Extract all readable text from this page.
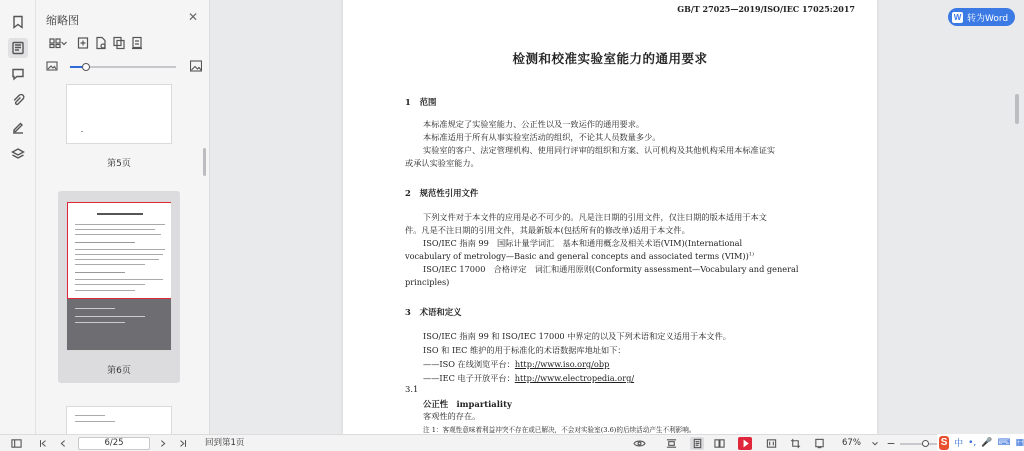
缩略图	✕
第5页
第6页
GB/T 27025—2019/ISO/IEC 17025:2017
检测和校准实验室能力的通用要求
1 范围
本标准规定了实验室能力、公正性以及一致运作的通用要求。
本标准适用于所有从事实验室活动的组织，不论其人员数量多少。
实验室的客户、法定管理机构、使用同行评审的组织和方案、认可机构及其他机构采用本标准证实
或承认实验室能力。
2 规范性引用文件
下列文件对于本文件的应用是必不可少的。凡是注日期的引用文件，仅注日期的版本适用于本文
件。凡是不注日期的引用文件，其最新版本(包括所有的修改单)适用于本文件。
ISO/IEC 指南 99　国际计量学词汇　基本和通用概念及相关术语(VIM)(International
vocabulary of metrology—Basic and general concepts and associated terms (VIM))$^{1)}$
ISO/IEC 17000　合格评定　词汇和通用原则(Conformity assessment—Vocabulary and general
principles)
3 术语和定义
ISO/IEC 指南 99 和 ISO/IEC 17000 中界定的以及下列术语和定义适用于本文件。
ISO 和 IEC 维护的用于标准化的术语数据库地址如下：
——ISO 在线浏览平台：http://www.iso.org/obp
——IEC 电子开放平台：http://www.electropedia.org/
3.1
公正性　impartiality
客观性的存在。
注 1：客观性意味着利益冲突不存在或已解决，不会对实验室(3.6)的后续活动产生不利影响。
W 转为Word
6/25	回到第1页	67%	S 中 •, 🎤 ⌨ ▦
